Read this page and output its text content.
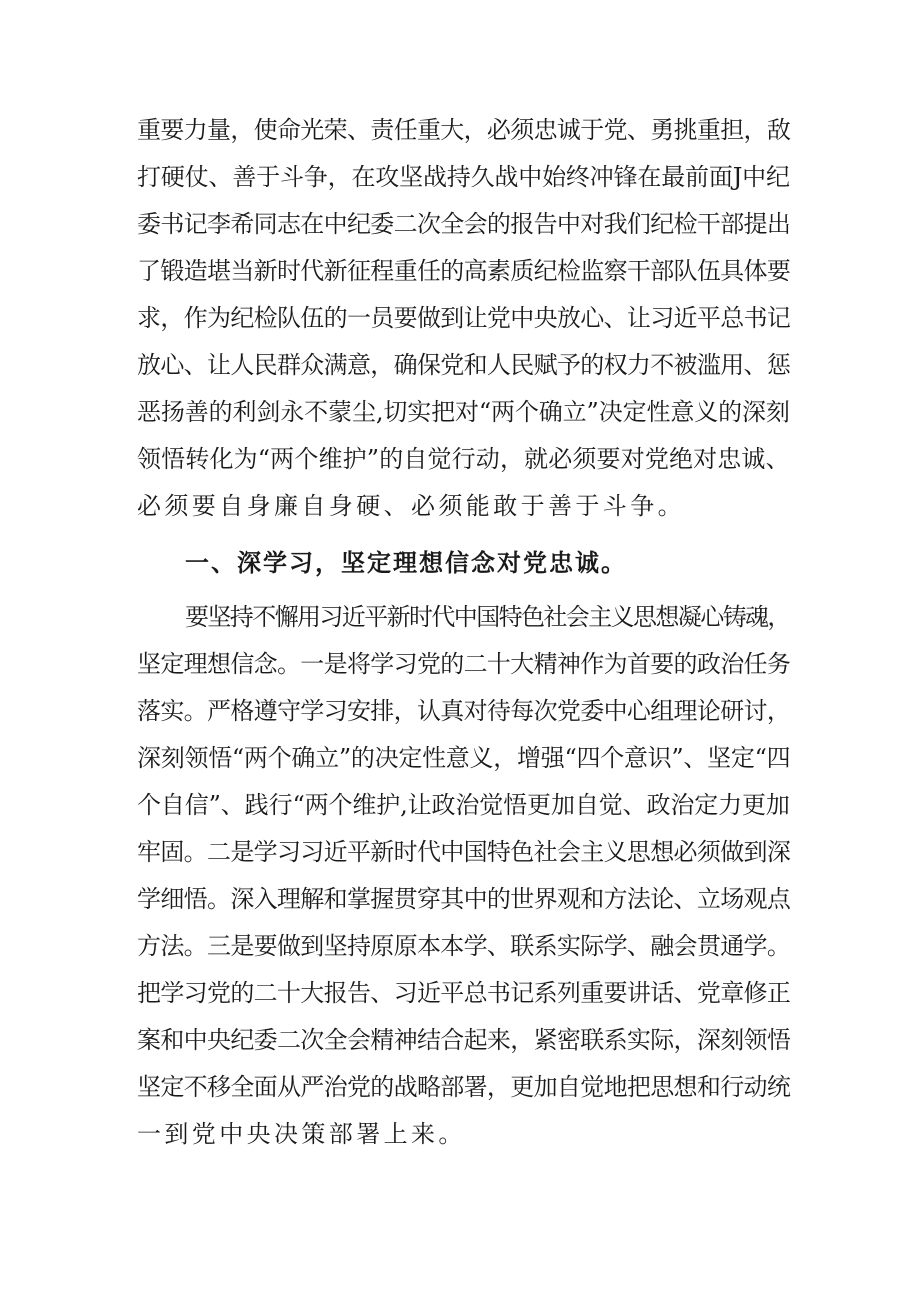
重要力量，使命光荣、责任重大，必须忠诚于党、勇挑重担，敌
打硬仗、善于斗争，在攻坚战持久战中始终冲锋在最前面J中纪
委书记李希同志在中纪委二次全会的报告中对我们纪检干部提出
了锻造堪当新时代新征程重任的高素质纪检监察干部队伍具体要
求，作为纪检队伍的一员要做到让党中央放心、让习近平总书记
放心、让人民群众满意，确保党和人民赋予的权力不被滥用、惩
恶扬善的利剑永不蒙尘,切实把对“两个确立”决定性意义的深刻
领悟转化为“两个维护”的自觉行动，就必须要对党绝对忠诚、
必须要自身廉自身硬、必须能敢于善于斗争。
一、深学习，坚定理想信念对党忠诚。
要坚持不懈用习近平新时代中国特色社会主义思想凝心铸魂，
坚定理想信念。一是将学习党的二十大精神作为首要的政治任务
落实。严格遵守学习安排，认真对待每次党委中心组理论研讨，
深刻领悟“两个确立”的决定性意义，增强“四个意识”、坚定“四
个自信”、践行“两个维护,让政治觉悟更加自觉、政治定力更加
牢固。二是学习习近平新时代中国特色社会主义思想必须做到深
学细悟。深入理解和掌握贯穿其中的世界观和方法论、立场观点
方法。三是要做到坚持原原本本学、联系实际学、融会贯通学。
把学习党的二十大报告、习近平总书记系列重要讲话、党章修正
案和中央纪委二次全会精神结合起来，紧密联系实际，深刻领悟
坚定不移全面从严治党的战略部署，更加自觉地把思想和行动统
一到党中央决策部署上来。
